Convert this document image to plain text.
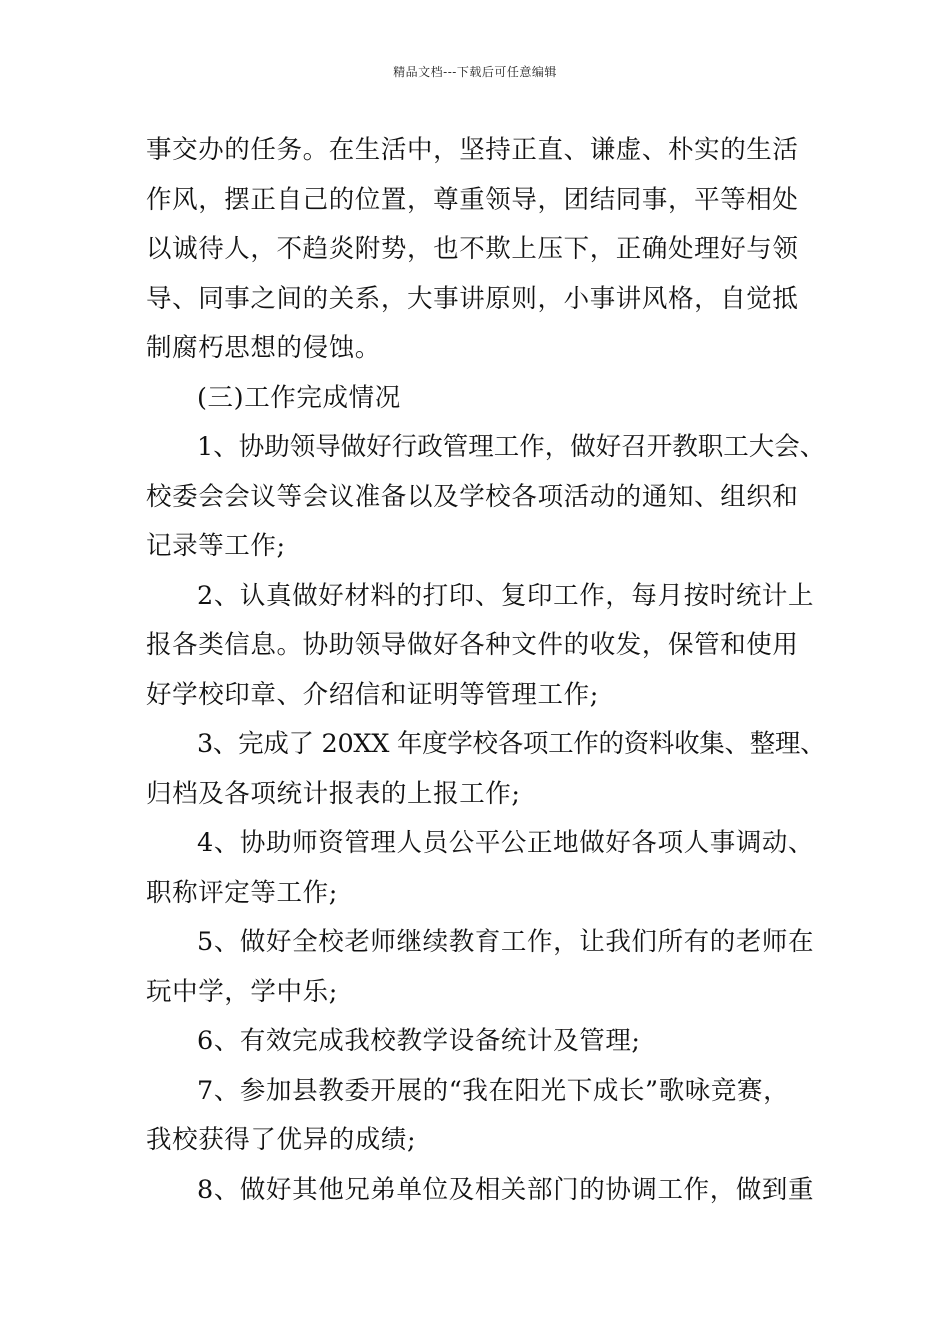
精品文档---下载后可任意编辑

事交办的任务。在生活中，坚持正直、谦虚、朴实的生活
作风，摆正自己的位置，尊重领导，团结同事，平等相处
以诚待人，不趋炎附势，也不欺上压下，正确处理好与领
导、同事之间的关系，大事讲原则，小事讲风格，自觉抵
制腐朽思想的侵蚀。

(三)工作完成情况

1、协助领导做好行政管理工作，做好召开教职工大会、
校委会会议等会议准备以及学校各项活动的通知、组织和
记录等工作;

2、认真做好材料的打印、复印工作，每月按时统计上
报各类信息。协助领导做好各种文件的收发，保管和使用
好学校印章、介绍信和证明等管理工作;

3、完成了 20XX 年度学校各项工作的资料收集、整理、
归档及各项统计报表的上报工作;

4、协助师资管理人员公平公正地做好各项人事调动、
职称评定等工作;

5、做好全校老师继续教育工作，让我们所有的老师在
玩中学，学中乐;

6、有效完成我校教学设备统计及管理;

7、参加县教委开展的“我在阳光下成长”歌咏竞赛，
我校获得了优异的成绩;

8、做好其他兄弟单位及相关部门的协调工作，做到重
